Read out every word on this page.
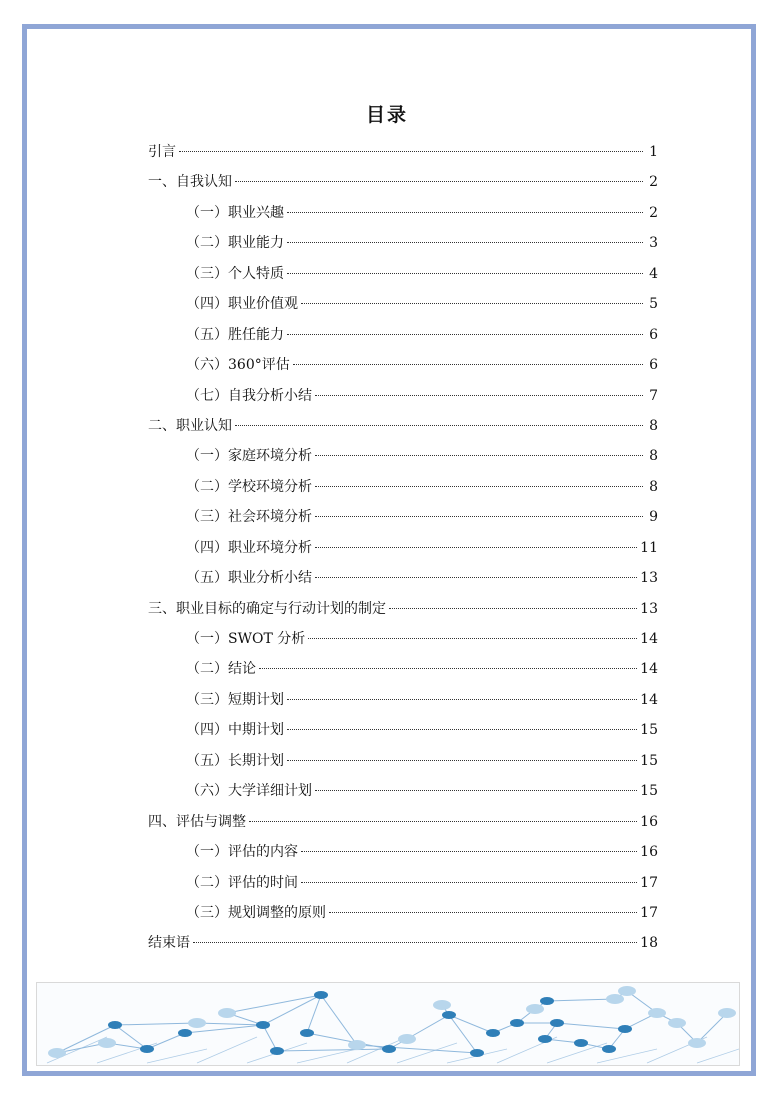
目录
引言	1
一、自我认知	2
（一）职业兴趣	2
（二）职业能力	3
（三）个人特质	4
（四）职业价值观	5
（五）胜任能力	6
（六）360°评估	6
（七）自我分析小结	7
二、职业认知	8
（一）家庭环境分析	8
（二）学校环境分析	8
（三）社会环境分析	9
（四）职业环境分析	11
（五）职业分析小结	13
三、职业目标的确定与行动计划的制定	13
（一）SWOT 分析	14
（二）结论	14
（三）短期计划	14
（四）中期计划	15
（五）长期计划	15
（六）大学详细计划	15
四、评估与调整	16
（一）评估的内容	16
（二）评估的时间	17
（三）规划调整的原则	17
结束语	18
